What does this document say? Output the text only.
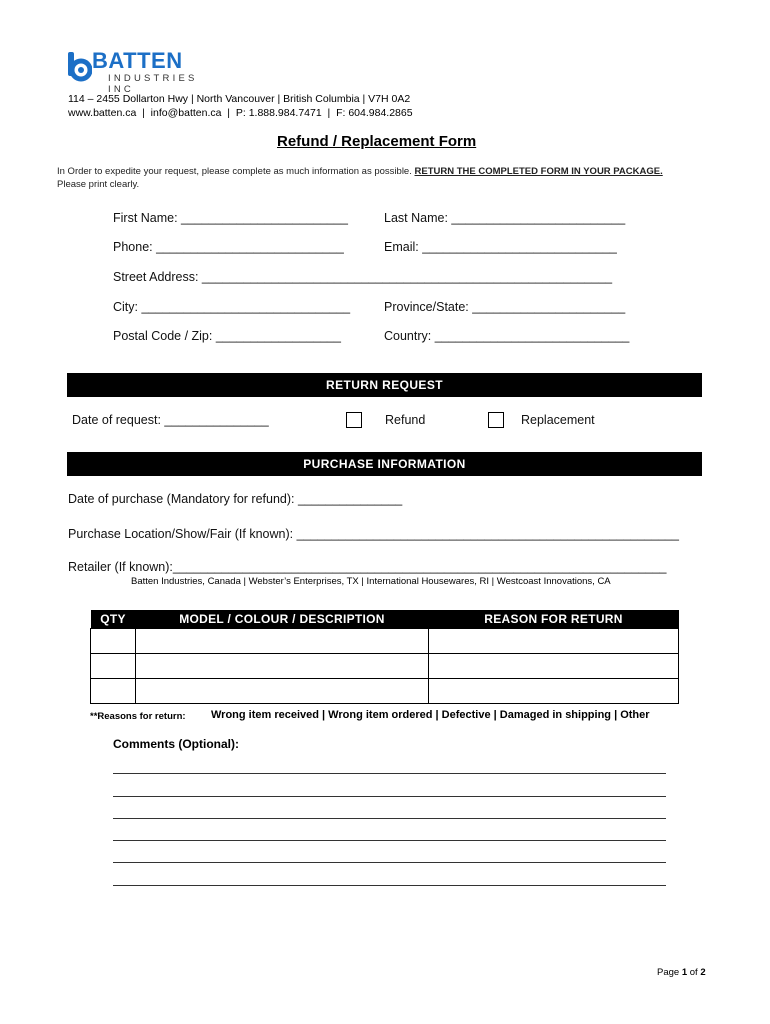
BATTEN
INDUSTRIES INC
114 – 2455 Dollarton Hwy | North Vancouver | British Columbia | V7H 0A2
www.batten.ca  |  info@batten.ca  |  P: 1.888.984.7471  |  F: 604.984.2865
Refund / Replacement Form
In Order to expedite your request, please complete as much information as possible. RETURN THE COMPLETED FORM IN YOUR PACKAGE.
Please print clearly.
First Name: ________________________	Last Name: _________________________
Phone: ___________________________	Email: ____________________________
Street Address: ___________________________________________________________
City: ______________________________	Province/State: ______________________
Postal Code / Zip: __________________	Country: ____________________________
RETURN REQUEST
Date of request: _______________	Refund	Replacement
PURCHASE INFORMATION
Date of purchase (Mandatory for refund): _______________
Purchase Location/Show/Fair (If known): _______________________________________________________
Retailer (If known):_______________________________________________________________________
Batten Industries, Canada | Webster’s Enterprises, TX | International Housewares, RI | Westcoast Innovations, CA
QTY	MODEL / COLOUR / DESCRIPTION	REASON FOR RETURN

**Reasons for return: Wrong item received | Wrong item ordered | Defective | Damaged in shipping | Other
Comments (Optional):
Page 1 of 2
